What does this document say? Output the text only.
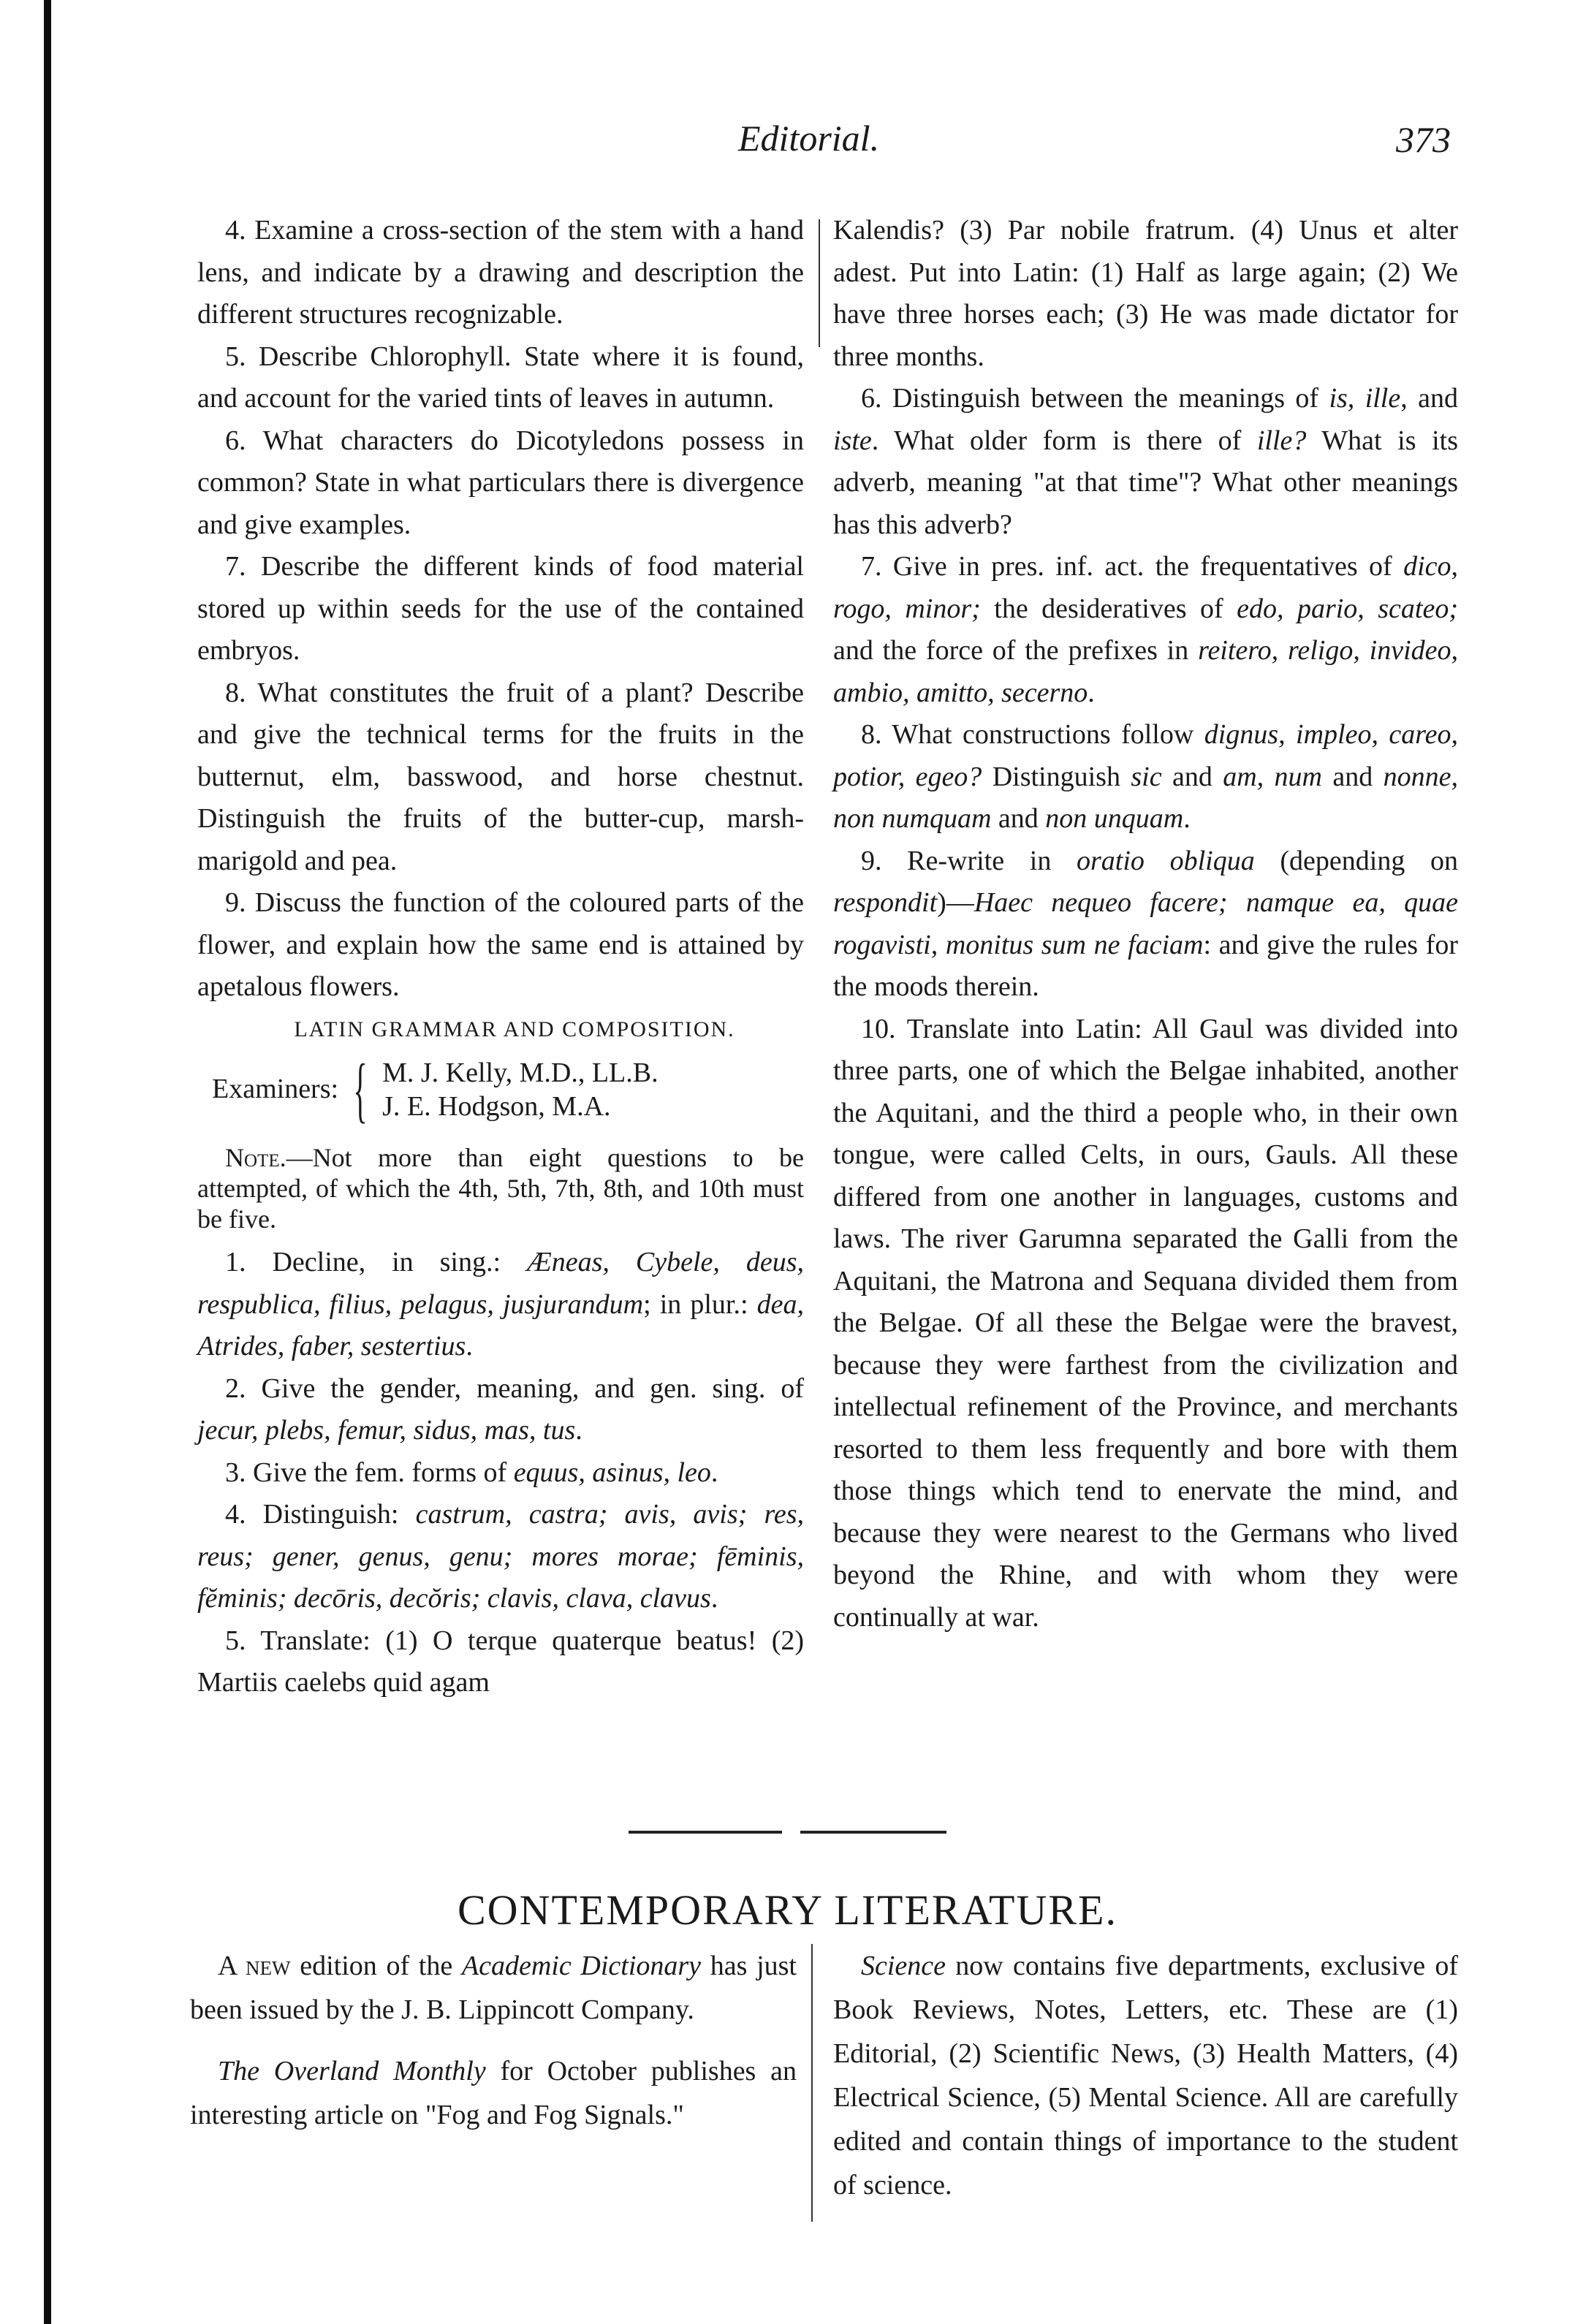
Editorial.	373

4. Examine a cross-section of the stem with a hand lens, and indicate by a drawing and description the different structures recognizable.

5. Describe Chlorophyll. State where it is found, and account for the varied tints of leaves in autumn.

6. What characters do Dicotyledons possess in common? State in what particulars there is divergence and give examples.

7. Describe the different kinds of food material stored up within seeds for the use of the contained embryos.

8. What constitutes the fruit of a plant? Describe and give the technical terms for the fruits in the butternut, elm, basswood, and horse chestnut. Distinguish the fruits of the butter-cup, marsh-marigold and pea.

9. Discuss the function of the coloured parts of the flower, and explain how the same end is attained by apetalous flowers.

LATIN GRAMMAR AND COMPOSITION.

Examiners: { M. J. Kelly, M.D., LL.B.
J. E. Hodgson, M.A.

Note.—Not more than eight questions to be attempted, of which the 4th, 5th, 7th, 8th, and 10th must be five.

1. Decline, in sing.: Æneas, Cybele, deus, respublica, filius, pelagus, jusjurandum; in plur.: dea, Atrides, faber, sestertius.

2. Give the gender, meaning, and gen. sing. of jecur, plebs, femur, sidus, mas, tus.

3. Give the fem. forms of equus, asinus, leo.

4. Distinguish: castrum, castra; avis, avis; res, reus; gener, genus, genu; mores morae; fēminis, fĕminis; decōris, decŏris; clavis, clava, clavus.

5. Translate: (1) O terque quaterque beatus! (2) Martiis caelebs quid agam

Kalendis? (3) Par nobile fratrum. (4) Unus et alter adest. Put into Latin: (1) Half as large again; (2) We have three horses each; (3) He was made dictator for three months.

6. Distinguish between the meanings of is, ille, and iste. What older form is there of ille? What is its adverb, meaning "at that time"? What other meanings has this adverb?

7. Give in pres. inf. act. the frequentatives of dico, rogo, minor; the desideratives of edo, pario, scateo; and the force of the prefixes in reitero, religo, invideo, ambio, amitto, secerno.

8. What constructions follow dignus, impleo, careo, potior, egeo? Distinguish sic and am, num and nonne, non numquam and non unquam.

9. Re-write in oratio obliqua (depending on respondit)—Haec nequeo facere; namque ea, quae rogavisti, monitus sum ne faciam: and give the rules for the moods therein.

10. Translate into Latin: All Gaul was divided into three parts, one of which the Belgae inhabited, another the Aquitani, and the third a people who, in their own tongue, were called Celts, in ours, Gauls. All these differed from one another in languages, customs and laws. The river Garumna separated the Galli from the Aquitani, the Matrona and Sequana divided them from the Belgae. Of all these the Belgae were the bravest, because they were farthest from the civilization and intellectual refinement of the Province, and merchants resorted to them less frequently and bore with them those things which tend to enervate the mind, and because they were nearest to the Germans who lived beyond the Rhine, and with whom they were continually at war.

CONTEMPORARY LITERATURE.

A new edition of the Academic Dictionary has just been issued by the J. B. Lippincott Company.

The Overland Monthly for October publishes an interesting article on "Fog and Fog Signals."

Science now contains five departments, exclusive of Book Reviews, Notes, Letters, etc. These are (1) Editorial, (2) Scientific News, (3) Health Matters, (4) Electrical Science, (5) Mental Science. All are carefully edited and contain things of importance to the student of science.
